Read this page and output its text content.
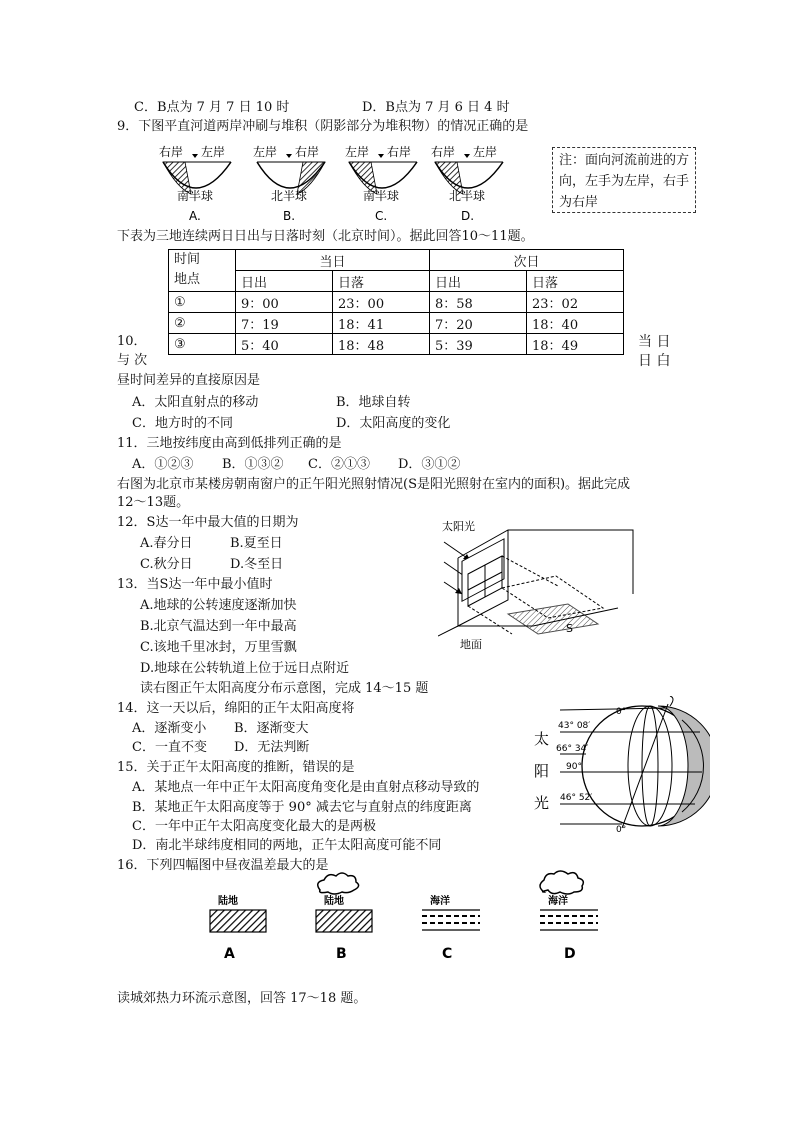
C．B点为 7 月 7 日 10 时	D．B点为 7 月 6 日 4 时
9．下图平直河道两岸冲刷与堆积（阴影部分为堆积物）的情况正确的是
右岸 左岸
南半球
A.
左岸 右岸
北半球
B.
左岸 右岸
南半球
C.
右岸 左岸
北半球
D.
注：面向河流前进的方向，左手为左岸，右手为右岸
下表为三地连续两日日出与日落时刻（北京时间）。据此回答10～11题。
时间
地点	当日		次日	
	日出	日落	日出	日落
①	9：00	23：00	8：58	23：02
②	7：19	18：41	7：20	18：40
③	5：40	18：48	5：39	18：49
10．
与 次
当 日
日 白
昼时间差异的直接原因是
A．太阳直射点的移动	B．地球自转
C．地方时的不同	D．太阳高度的变化
11．三地按纬度由高到低排列正确的是
A．①②③ B．①③② C．②①③ D．③①②
右图为北京市某楼房朝南窗户的正午阳光照射情况(S是阳光照射在室内的面积)。据此完成
12～13题。
12．S达一年中最大值的日期为
A.春分日	B.夏至日
C.秋分日	D.冬至日
13．当S达一年中最小值时
A.地球的公转速度逐渐加快
B.北京气温达到一年中最高
C.该地千里冰封，万里雪飘
D.地球在公转轨道上位于远日点附近
太阳光
S
地面
读右图正午太阳高度分布示意图，完成 14～15 题
14．这一天以后，绵阳的正午太阳高度将
A．逐渐变小 B．逐渐变大
C．一直不变 D．无法判断
15．关于正午太阳高度的推断，错误的是
A．某地点一年中正午太阳高度角变化是由直射点移动导致的
B．某地正午太阳高度等于 90° 减去它与直射点的纬度距离
C．一年中正午太阳高度变化最大的是两极
D．南北半球纬度相同的两地，正午太阳高度可能不同
太
阳
光
0°
43° 08′
66° 34′
90°
46° 52′
0°
16．下列四幅图中昼夜温差最大的是
陆地
A
陆地
B
海洋
C
海洋
D
读城郊热力环流示意图，回答 17～18 题。
